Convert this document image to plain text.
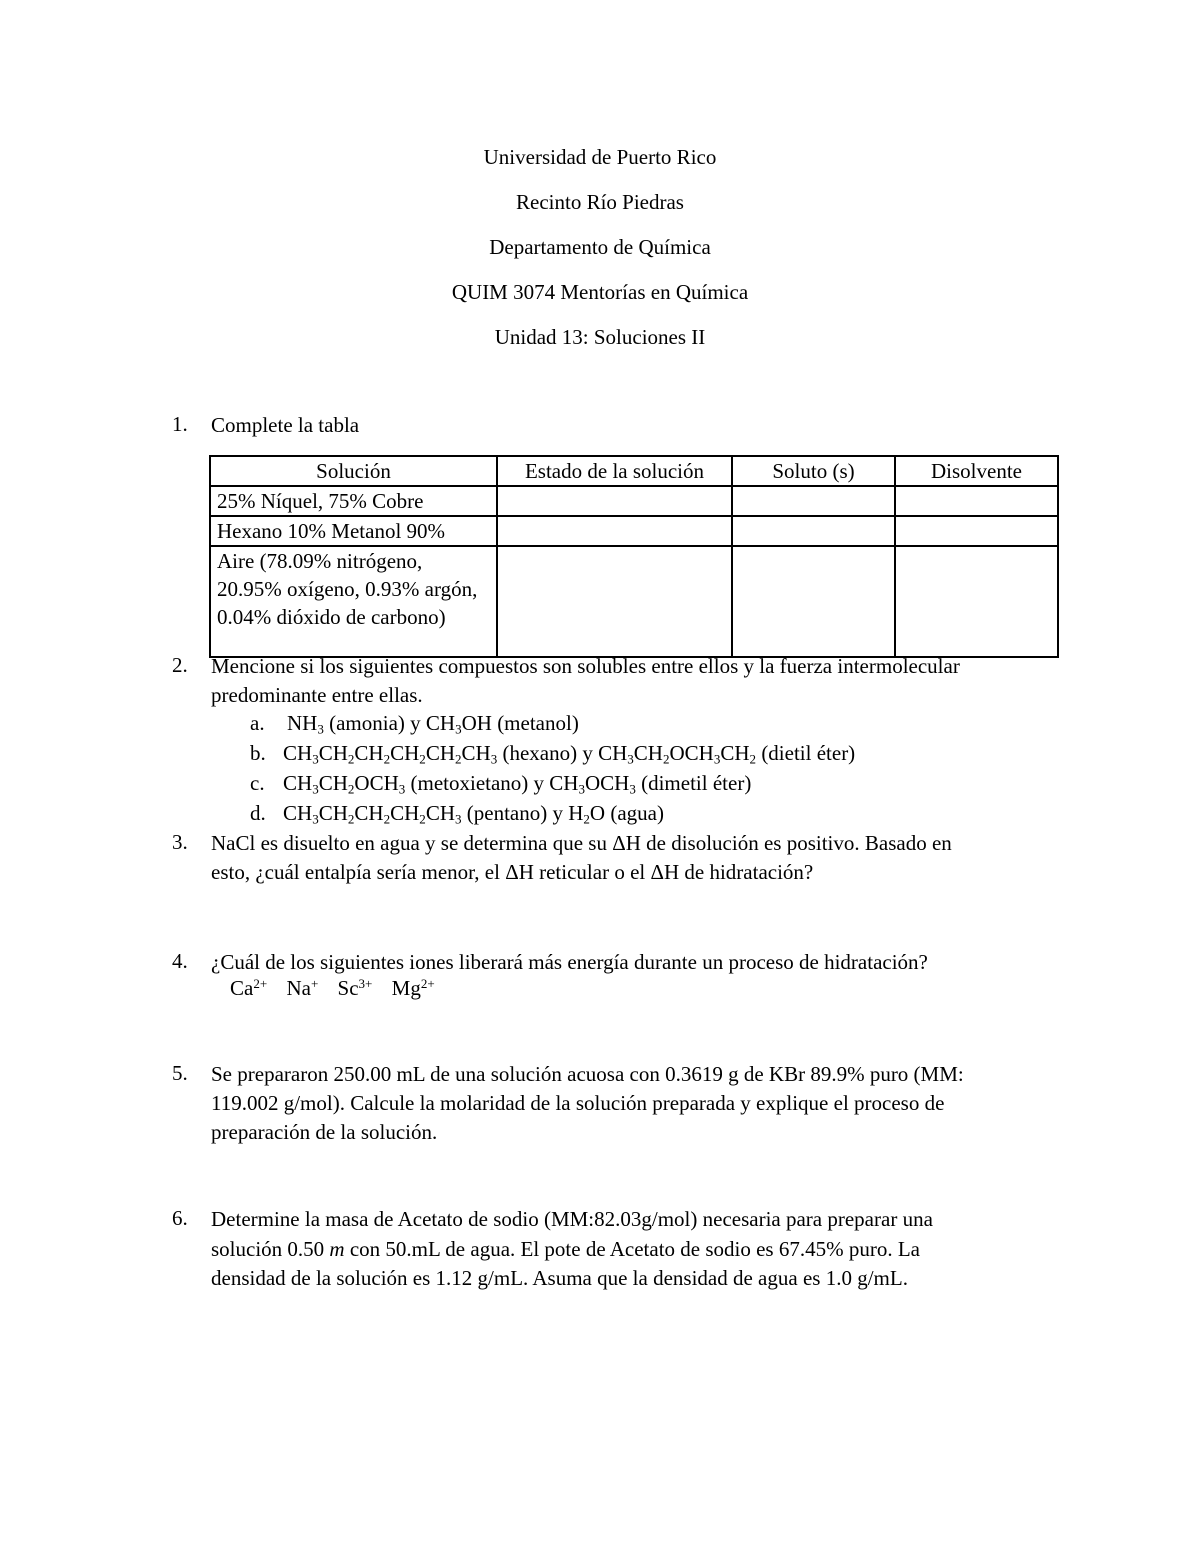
Universidad de Puerto Rico
Recinto Río Piedras
Departamento de Química
QUIM 3074 Mentorías en Química
Unidad 13: Soluciones II
1.	Complete la tabla
Solución	Estado de la solución	Soluto (s)	Disolvente
25% Níquel, 75% Cobre			
Hexano 10% Metanol 90%			
Aire (78.09% nitrógeno, 20.95% oxígeno, 0.93% argón, 0.04% dióxido de carbono)			
2.	Mencione si los siguientes compuestos son solubles entre ellos y la fuerza intermolecular
predominante entre ellas.
a. $NH_3$ (amonia) y $CH_3OH$ (metanol)
b. $CH_3CH_2CH_2CH_2CH_2CH_3$ (hexano) y $CH_3CH_2OCH_3CH_2$ (dietil éter)
c. $CH_3CH_2OCH_3$ (metoxietano) y $CH_3OCH_3$ (dimetil éter)
d. $CH_3CH_2CH_2CH_2CH_3$ (pentano) y $H_2O$ (agua)
3.	NaCl es disuelto en agua y se determina que su ΔH de disolución es positivo. Basado en
esto, ¿cuál entalpía sería menor, el ΔH reticular o el ΔH de hidratación?
4.	¿Cuál de los siguientes iones liberará más energía durante un proceso de hidratación?
$Ca^{2+}$ Na+ $Sc^{3+}$ $Mg^{2+}$
5.	Se prepararon 250.00 mL de una solución acuosa con 0.3619 g de KBr 89.9% puro (MM:
119.002 g/mol). Calcule la molaridad de la solución preparada y explique el proceso de
preparación de la solución.
6.	Determine la masa de Acetato de sodio (MM:82.03g/mol) necesaria para preparar una
solución 0.50 m con 50.mL de agua. El pote de Acetato de sodio es 67.45% puro. La
densidad de la solución es 1.12 g/mL. Asuma que la densidad de agua es 1.0 g/mL.
